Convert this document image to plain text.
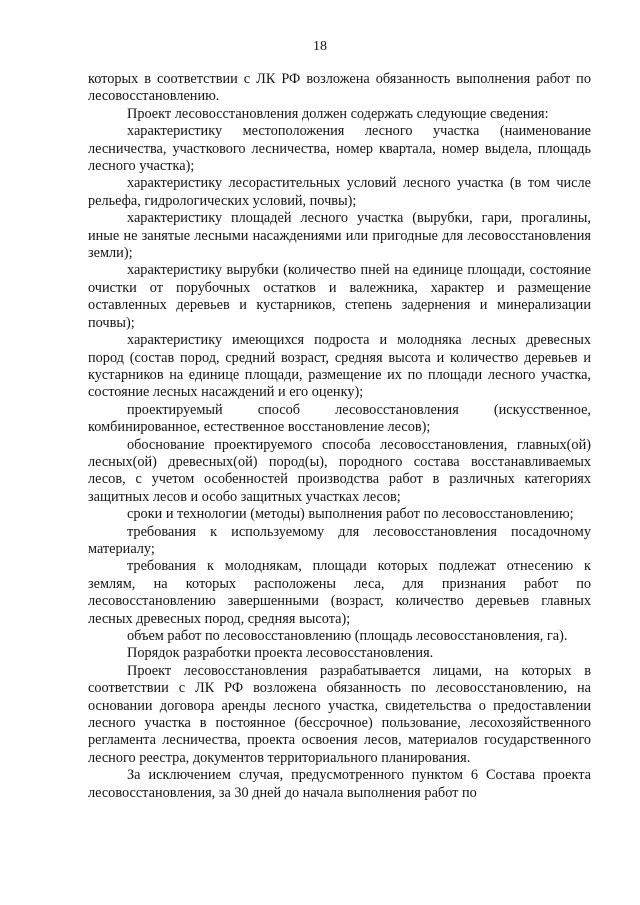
18

которых в соответствии с ЛК РФ возложена обязанность выполнения работ по лесовосстановлению.

Проект лесовосстановления должен содержать следующие сведения:

характеристику местоположения лесного участка (наименование лесничества, участкового лесничества, номер квартала, номер выдела, площадь лесного участка);

характеристику лесорастительных условий лесного участка (в том числе рельефа, гидрологических условий, почвы);

характеристику площадей лесного участка (вырубки, гари, прогалины, иные не занятые лесными насаждениями или пригодные для лесовосстановления земли);

характеристику вырубки (количество пней на единице площади, состояние очистки от порубочных остатков и валежника, характер и размещение оставленных деревьев и кустарников, степень задернения и минерализации почвы);

характеристику имеющихся подроста и молодняка лесных древесных пород (состав пород, средний возраст, средняя высота и количество деревьев и кустарников на единице площади, размещение их по площади лесного участка, состояние лесных насаждений и его оценку);

проектируемый способ лесовосстановления (искусственное, комбинированное, естественное восстановление лесов);

обоснование проектируемого способа лесовосстановления, главных(ой) лесных(ой) древесных(ой) пород(ы), породного состава восстанавливаемых лесов, с учетом особенностей производства работ в различных категориях защитных лесов и особо защитных участках лесов;

сроки и технологии (методы) выполнения работ по лесовосстановлению;

требования к используемому для лесовосстановления посадочному материалу;

требования к молоднякам, площади которых подлежат отнесению к землям, на которых расположены леса, для признания работ по лесовосстановлению завершенными (возраст, количество деревьев главных лесных древесных пород, средняя высота);

объем работ по лесовосстановлению (площадь лесовосстановления, га).

Порядок разработки проекта лесовосстановления.

Проект лесовосстановления разрабатывается лицами, на которых в соответствии с ЛК РФ возложена обязанность по лесовосстановлению, на основании договора аренды лесного участка, свидетельства о предоставлении лесного участка в постоянное (бессрочное) пользование, лесохозяйственного регламента лесничества, проекта освоения лесов, материалов государственного лесного реестра, документов территориального планирования.

За исключением случая, предусмотренного пунктом 6 Состава проекта лесовосстановления, за 30 дней до начала выполнения работ по
